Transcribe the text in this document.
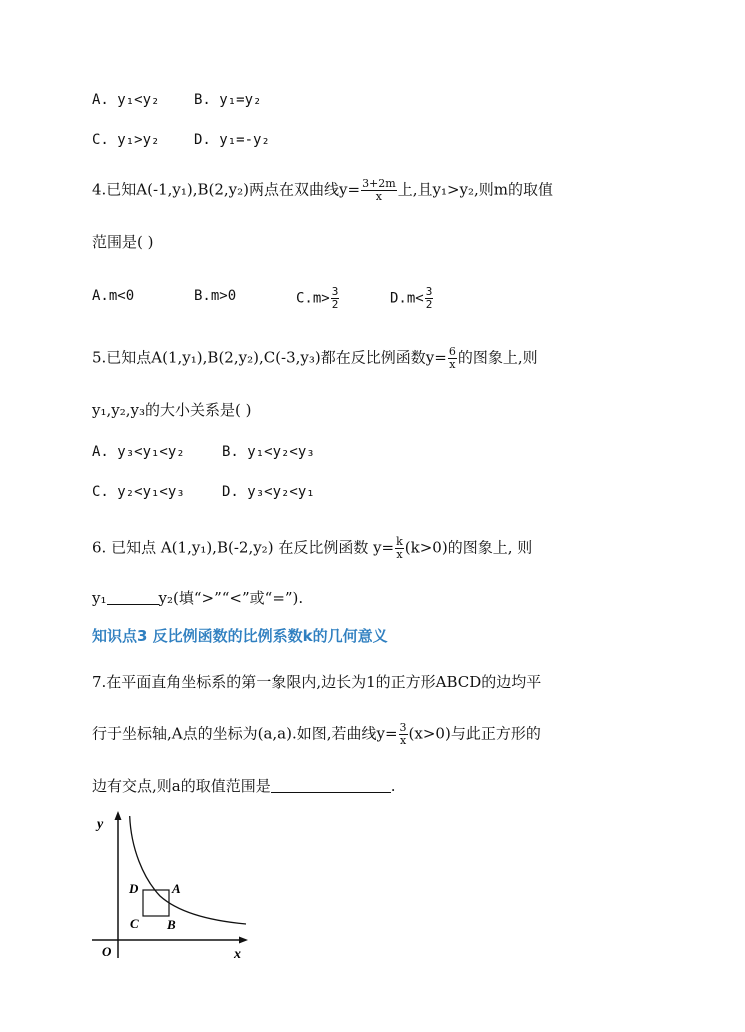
A. y₁<y₂ B. y₁=y₂
C. y₁>y₂ D. y₁=-y₂
4.已知A(-1,y₁),B(2,y₂)两点在双曲线$y= \frac{3+2m}{x}$ 上,且y₁>y₂,则m的取值
范围是( )
A.m<0	B.m>0	$C.m> \frac{3}{2}$	$D.m< \frac{3}{2}$
5.已知点A(1,y₁),B(2,y₂),C(-3,y₃)都在反比例函数$y= \frac{6}{x}$ 的图象上,则
y₁,y₂,y₃的大小关系是( )
A. y₃<y₁<y₂	B. y₁<y₂<y₃
C. y₂<y₁<y₃	D. y₃<y₂<y₁
6. 已知点 A(1,y₁),B(-2,y₂) 在反比例函数 $y= \frac{k}{x} (k>0)$的图象上, 则
y₁	y₂(填“>”“<”或“=”).
知识点3 反比例函数的比例系数k的几何意义
7.在平面直角坐标系的第一象限内,边长为1的正方形ABCD的边均平
行于坐标轴,A点的坐标为(a,a).如图,若曲线$y= \frac{3}{x} (x>0)$与此正方形的
边有交点,则a的取值范围是	.
y
x
O
A
B
C
D
